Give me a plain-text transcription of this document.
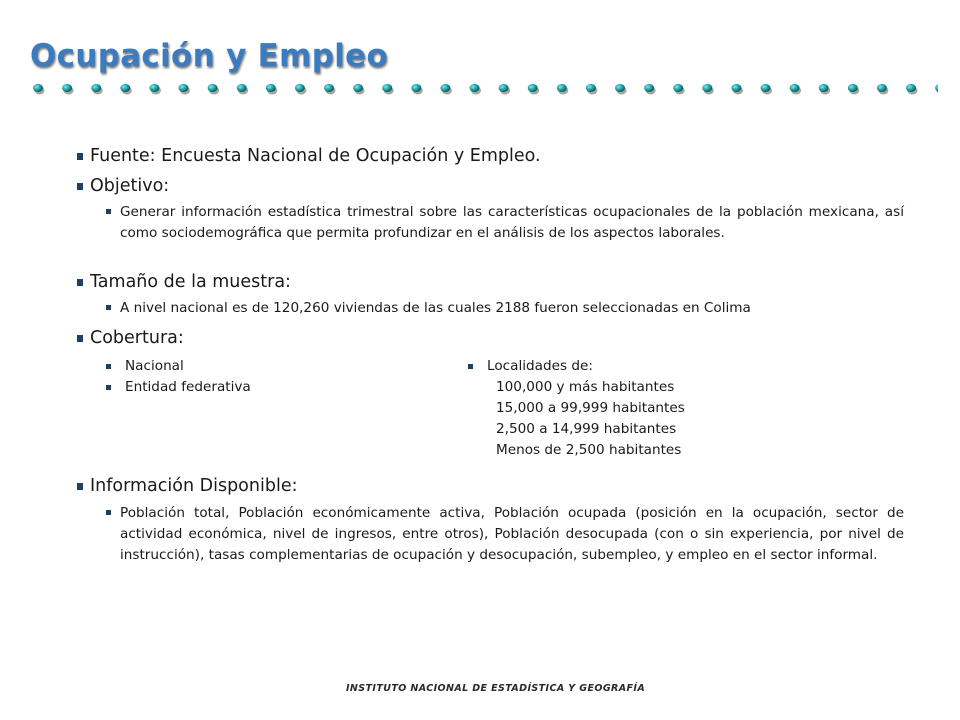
Ocupación y Empleo
Fuente: Encuesta Nacional de Ocupación y Empleo.
Objetivo:
Generar información estadística trimestral sobre las características ocupacionales de la población mexicana, así como sociodemográfica que permita profundizar en el análisis de los aspectos laborales.
Tamaño de la muestra:
A nivel nacional es de 120,260 viviendas de las cuales 2188 fueron seleccionadas en Colima
Cobertura:
Nacional
Entidad federativa
Localidades de:
100,000 y más habitantes
15,000 a 99,999 habitantes
2,500 a 14,999 habitantes
Menos de 2,500 habitantes
Información Disponible:
Población total, Población económicamente activa, Población ocupada (posición en la ocupación, sector de actividad económica, nivel de ingresos, entre otros), Población desocupada (con o sin experiencia, por nivel de instrucción), tasas complementarias de ocupación y desocupación, subempleo, y empleo en el sector informal.
INSTITUTO NACIONAL DE ESTADÍSTICA Y GEOGRAFÍA
